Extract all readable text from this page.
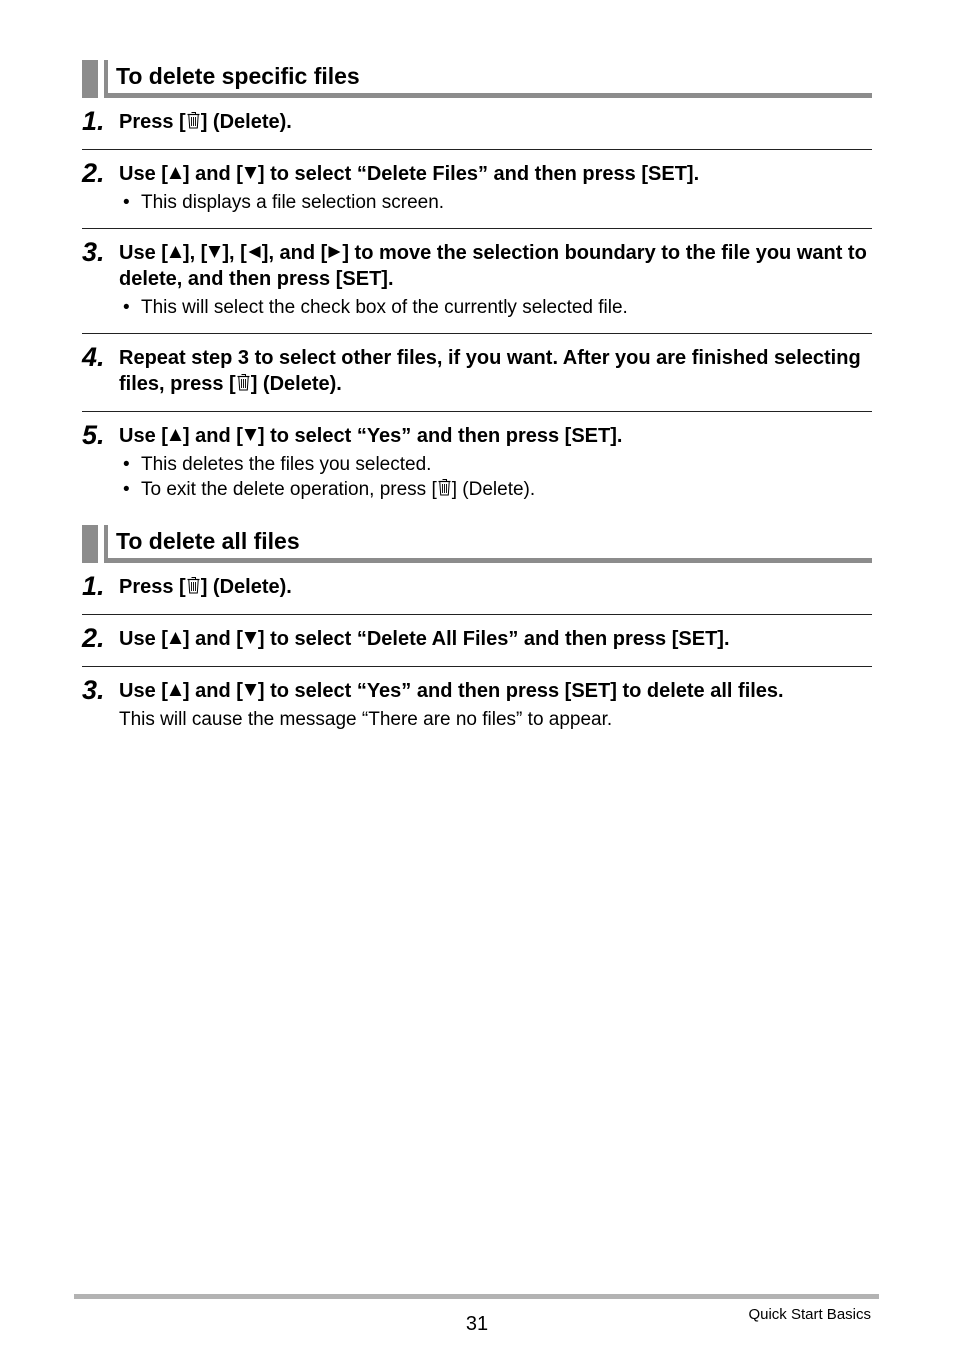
To delete specific files
1. Press [ ] (Delete).
2. Use [ ] and [ ] to select “Delete Files” and then press [SET].
• This displays a file selection screen.
3. Use [ ], [ ], [ ], and [ ] to move the selection boundary to the file you want to delete, and then press [SET].
• This will select the check box of the currently selected file.
4. Repeat step 3 to select other files, if you want. After you are finished selecting files, press [ ] (Delete).
5. Use [ ] and [ ] to select “Yes” and then press [SET].
• This deletes the files you selected.
• To exit the delete operation, press [ ] (Delete).
To delete all files
1. Press [ ] (Delete).
2. Use [ ] and [ ] to select “Delete All Files” and then press [SET].
3. Use [ ] and [ ] to select “Yes” and then press [SET] to delete all files.
This will cause the message “There are no files” to appear.
31	Quick Start Basics
